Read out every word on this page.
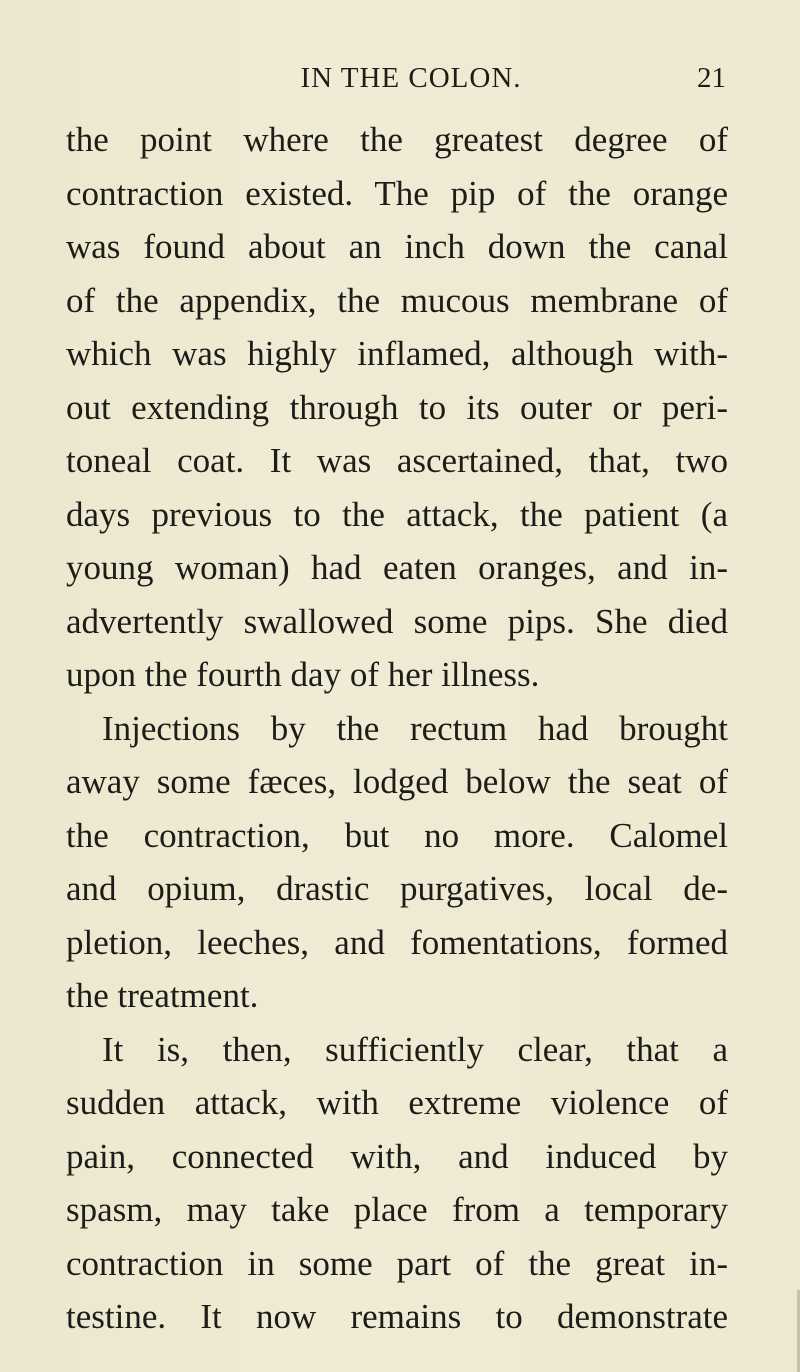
IN THE COLON.	21
the point where the greatest degree of
contraction existed. The pip of the orange
was found about an inch down the canal
of the appendix, the mucous membrane of
which was highly inflamed, although with-
out extending through to its outer or peri-
toneal coat. It was ascertained, that, two
days previous to the attack, the patient (a
young woman) had eaten oranges, and in-
advertently swallowed some pips. She died
upon the fourth day of her illness.
Injections by the rectum had brought
away some fæces, lodged below the seat of
the contraction, but no more. Calomel
and opium, drastic purgatives, local de-
pletion, leeches, and fomentations, formed
the treatment.
It is, then, sufficiently clear, that a
sudden attack, with extreme violence of
pain, connected with, and induced by
spasm, may take place from a temporary
contraction in some part of the great in-
testine. It now remains to demonstrate
